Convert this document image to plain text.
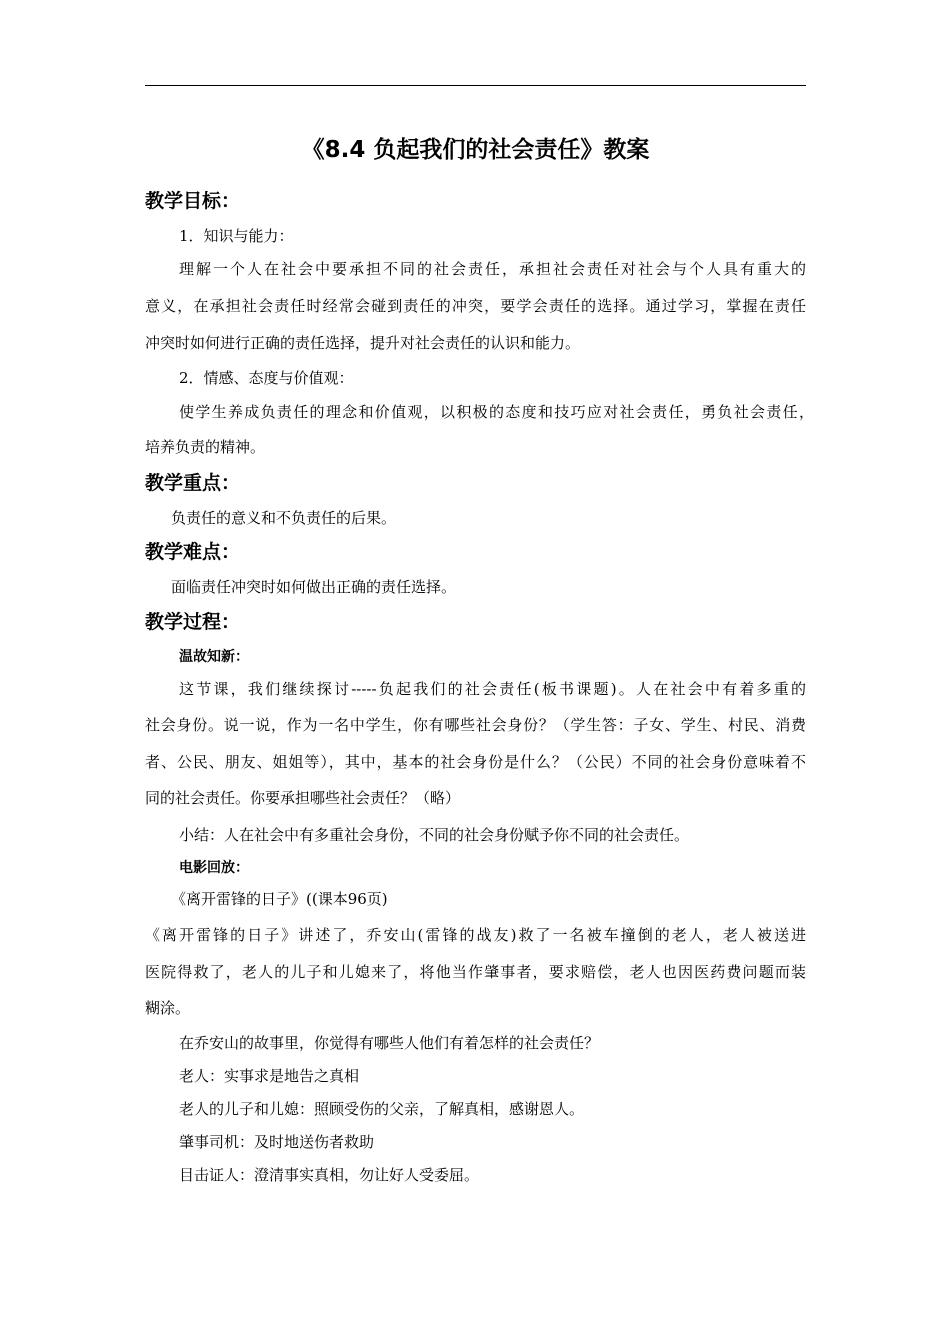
《8.4 负起我们的社会责任》教案
教学目标：
1．知识与能力：
理解一个人在社会中要承担不同的社会责任，承担社会责任对社会与个人具有重大的
意义，在承担社会责任时经常会碰到责任的冲突，要学会责任的选择。通过学习，掌握在责任
冲突时如何进行正确的责任选择，提升对社会责任的认识和能力。
2．情感、态度与价值观：
使学生养成负责任的理念和价值观，以积极的态度和技巧应对社会责任，勇负社会责任，
培养负责的精神。
教学重点：
负责任的意义和不负责任的后果。
教学难点：
面临责任冲突时如何做出正确的责任选择。
教学过程：
温故知新：
这节课，我们继续探讨-----负起我们的社会责任(板书课题)。人在社会中有着多重的
社会身份。说一说，作为一名中学生，你有哪些社会身份？（学生答：子女、学生、村民、消费
者、公民、朋友、姐姐等），其中，基本的社会身份是什么？（公民）不同的社会身份意味着不
同的社会责任。你要承担哪些社会责任？（略）
小结：人在社会中有多重社会身份，不同的社会身份赋予你不同的社会责任。
电影回放：
《离开雷锋的日子》((课本96页)
《离开雷锋的日子》讲述了，乔安山(雷锋的战友)救了一名被车撞倒的老人，老人被送进
医院得救了，老人的儿子和儿媳来了，将他当作肇事者，要求赔偿，老人也因医药费问题而装
糊涂。
在乔安山的故事里，你觉得有哪些人他们有着怎样的社会责任？
老人：实事求是地告之真相
老人的儿子和儿媳：照顾受伤的父亲，了解真相，感谢恩人。
肇事司机：及时地送伤者救助
目击证人：澄清事实真相，勿让好人受委屈。
